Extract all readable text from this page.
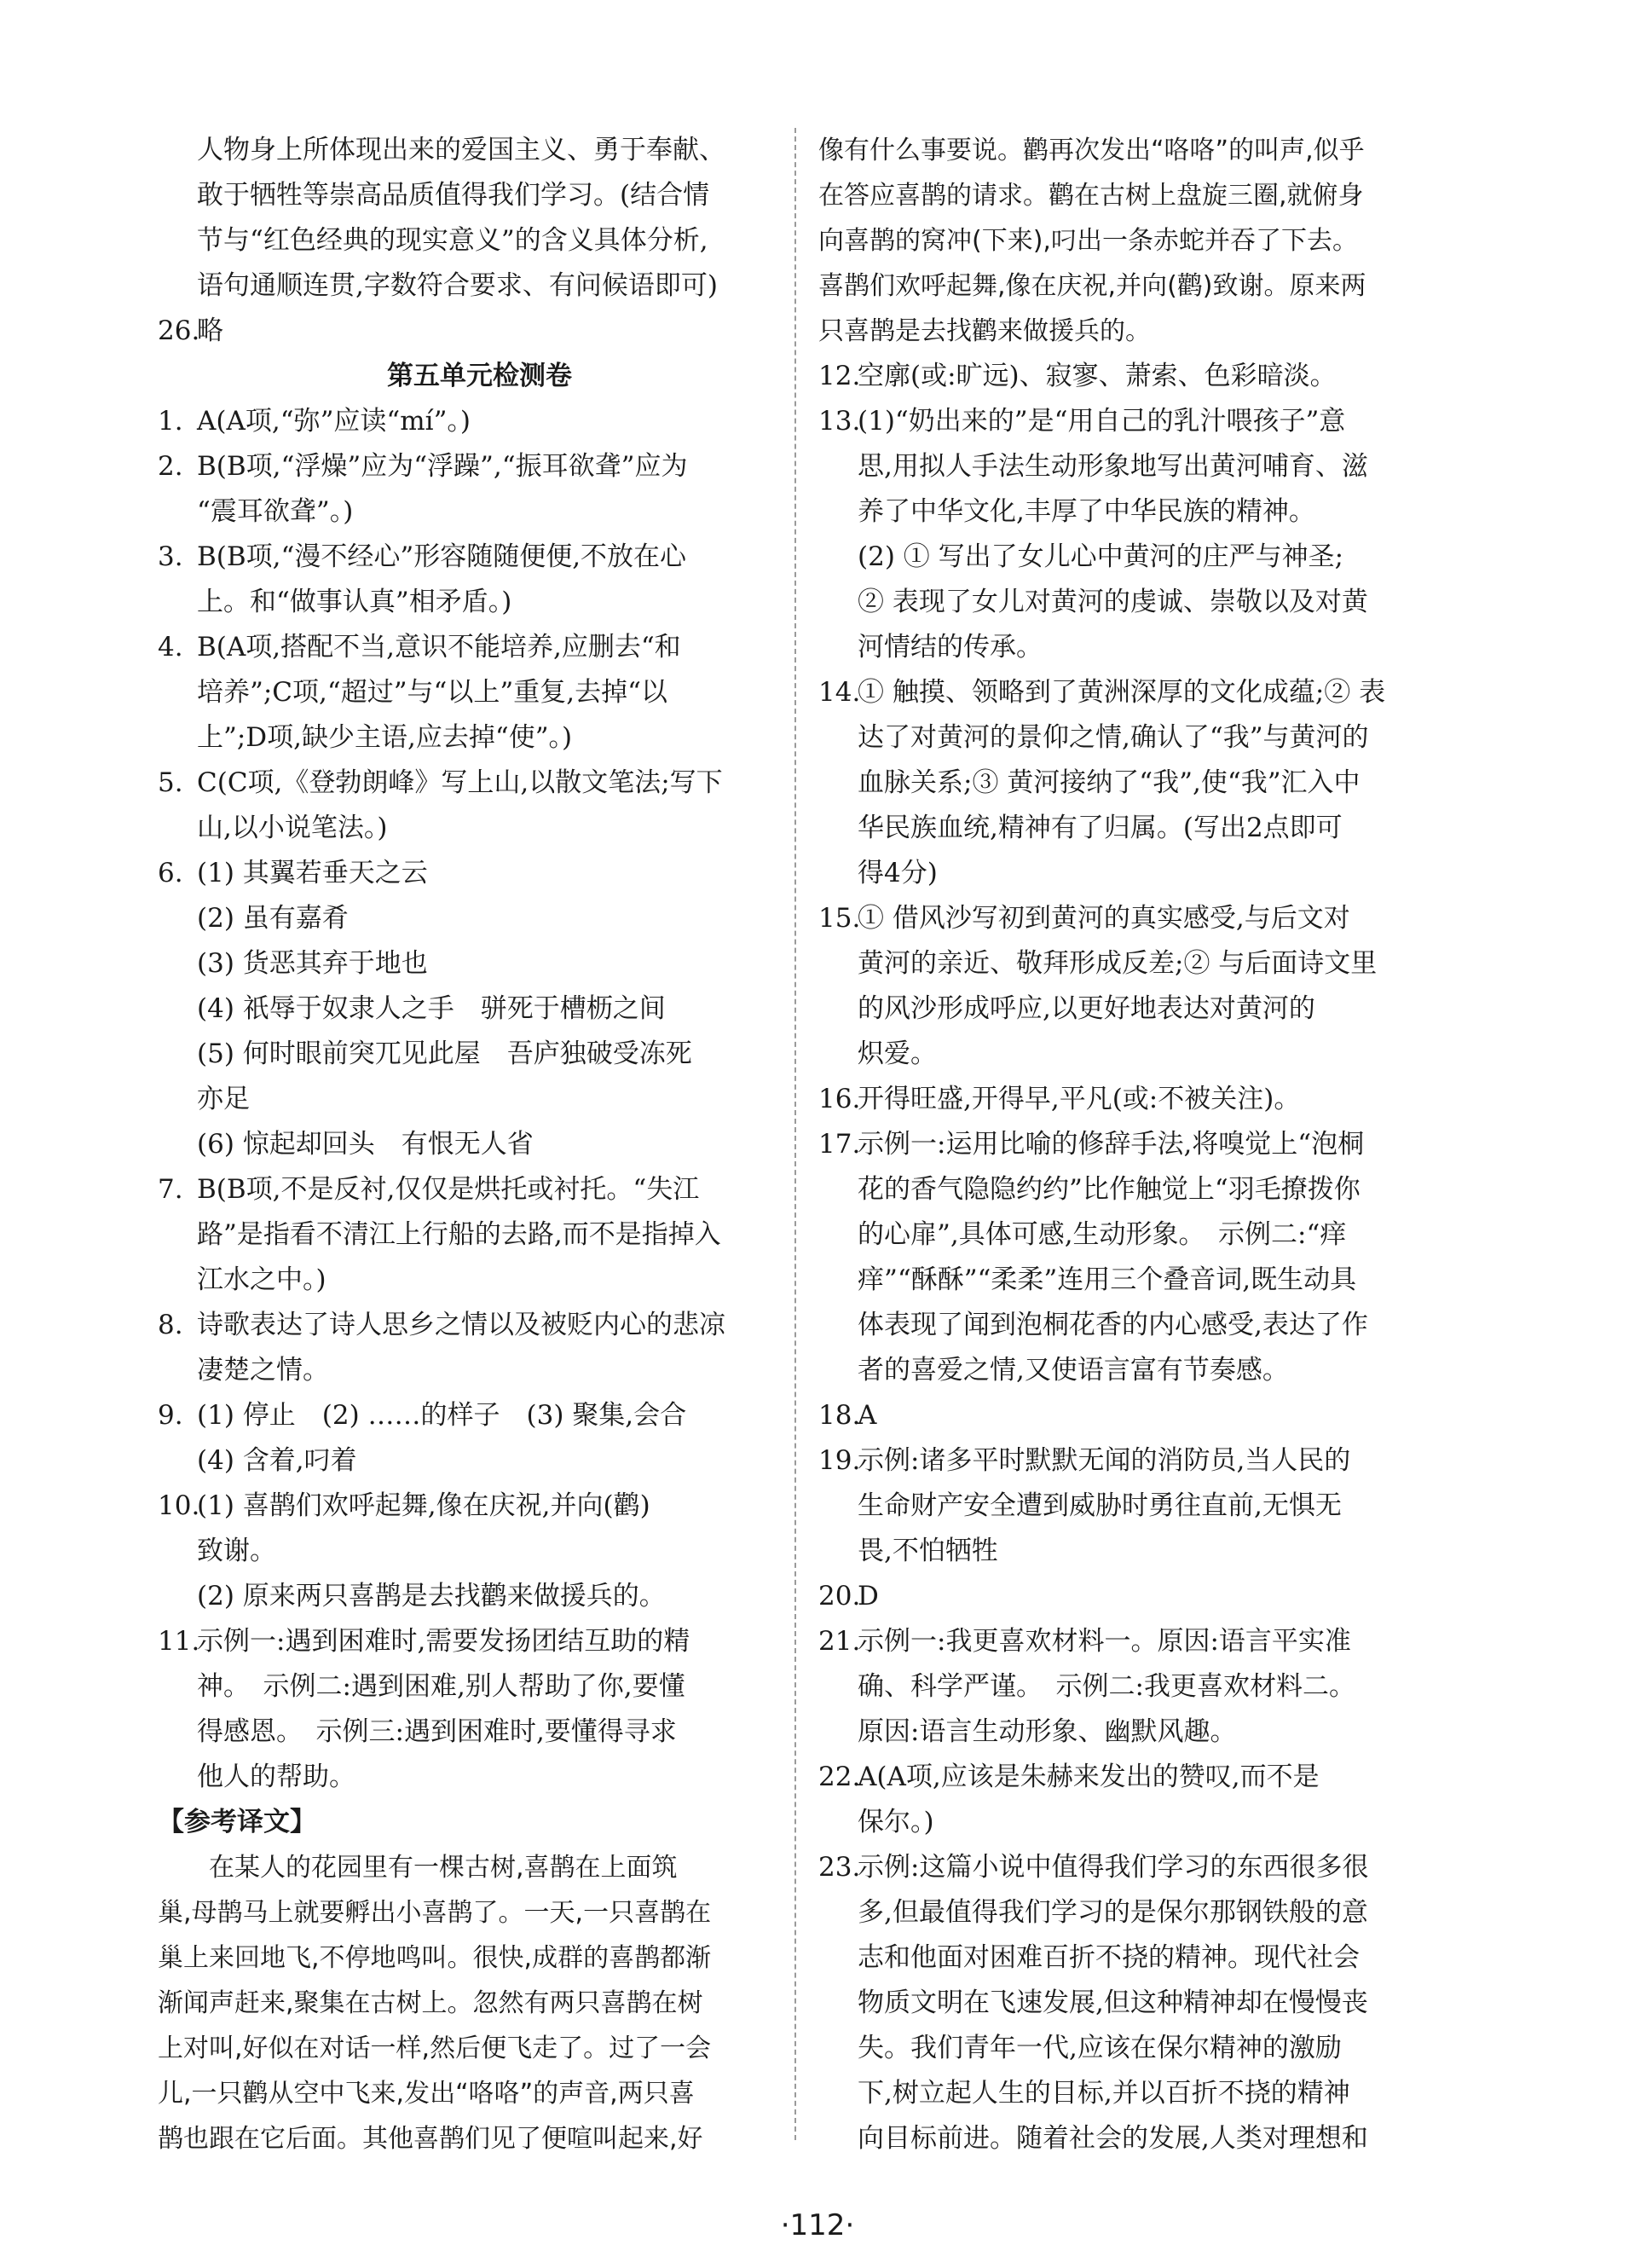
人物身上所体现出来的爱国主义、勇于奉献、
敢于牺牲等崇高品质值得我们学习。(结合情
节与“红色经典的现实意义”的含义具体分析,
语句通顺连贯,字数符合要求、有问候语即可)
26.略
第五单元检测卷
1. A(A项,“弥”应读“mí”。)
2. B(B项,“浮燥”应为“浮躁”,“振耳欲聋”应为
“震耳欲聋”。)
3. B(B项,“漫不经心”形容随随便便,不放在心
上。和“做事认真”相矛盾。)
4. B(A项,搭配不当,意识不能培养,应删去“和
培养”;C项,“超过”与“以上”重复,去掉“以
上”;D项,缺少主语,应去掉“使”。)
5. C(C项,《登勃朗峰》写上山,以散文笔法;写下
山,以小说笔法。)
6. (1) 其翼若垂天之云
(2) 虽有嘉肴
(3) 货恶其弃于地也
(4) 祇辱于奴隶人之手　骈死于槽枥之间
(5) 何时眼前突兀见此屋　吾庐独破受冻死
亦足
(6) 惊起却回头　有恨无人省
7. B(B项,不是反衬,仅仅是烘托或衬托。“失江
路”是指看不清江上行船的去路,而不是指掉入
江水之中。)
8. 诗歌表达了诗人思乡之情以及被贬内心的悲凉
凄楚之情。
9. (1) 停止　(2) ……的样子　(3) 聚集,会合
(4) 含着,叼着
10.(1) 喜鹊们欢呼起舞,像在庆祝,并向(鹳)
致谢。
(2) 原来两只喜鹊是去找鹳来做援兵的。
11.示例一:遇到困难时,需要发扬团结互助的精
神。　示例二:遇到困难,别人帮助了你,要懂
得感恩。　示例三:遇到困难时,要懂得寻求
他人的帮助。
【参考译文】
在某人的花园里有一棵古树,喜鹊在上面筑
巢,母鹊马上就要孵出小喜鹊了。一天,一只喜鹊在
巢上来回地飞,不停地鸣叫。很快,成群的喜鹊都渐
渐闻声赶来,聚集在古树上。忽然有两只喜鹊在树
上对叫,好似在对话一样,然后便飞走了。过了一会
儿,一只鹳从空中飞来,发出“咯咯”的声音,两只喜
鹊也跟在它后面。其他喜鹊们见了便喧叫起来,好
像有什么事要说。鹳再次发出“咯咯”的叫声,似乎
在答应喜鹊的请求。鹳在古树上盘旋三圈,就俯身
向喜鹊的窝冲(下来),叼出一条赤蛇并吞了下去。
喜鹊们欢呼起舞,像在庆祝,并向(鹳)致谢。原来两
只喜鹊是去找鹳来做援兵的。
12.空廓(或:旷远)、寂寥、萧索、色彩暗淡。
13.(1)“奶出来的”是“用自己的乳汁喂孩子”意
思,用拟人手法生动形象地写出黄河哺育、滋
养了中华文化,丰厚了中华民族的精神。
(2) ① 写出了女儿心中黄河的庄严与神圣;
② 表现了女儿对黄河的虔诚、崇敬以及对黄
河情结的传承。
14.① 触摸、领略到了黄洲深厚的文化成蕴;② 表
达了对黄河的景仰之情,确认了“我”与黄河的
血脉关系;③ 黄河接纳了“我”,使“我”汇入中
华民族血统,精神有了归属。(写出2点即可
得4分)
15.① 借风沙写初到黄河的真实感受,与后文对
黄河的亲近、敬拜形成反差;② 与后面诗文里
的风沙形成呼应,以更好地表达对黄河的
炽爱。
16.开得旺盛,开得早,平凡(或:不被关注)。
17.示例一:运用比喻的修辞手法,将嗅觉上“泡桐
花的香气隐隐约约”比作触觉上“羽毛撩拨你
的心扉”,具体可感,生动形象。　示例二:“痒
痒”“酥酥”“柔柔”连用三个叠音词,既生动具
体表现了闻到泡桐花香的内心感受,表达了作
者的喜爱之情,又使语言富有节奏感。
18.A
19.示例:诸多平时默默无闻的消防员,当人民的
生命财产安全遭到威胁时勇往直前,无惧无
畏,不怕牺牲
20.D
21.示例一:我更喜欢材料一。原因:语言平实准
确、科学严谨。　示例二:我更喜欢材料二。
原因:语言生动形象、幽默风趣。
22.A(A项,应该是朱赫来发出的赞叹,而不是
保尔。)
23.示例:这篇小说中值得我们学习的东西很多很
多,但最值得我们学习的是保尔那钢铁般的意
志和他面对困难百折不挠的精神。现代社会
物质文明在飞速发展,但这种精神却在慢慢丧
失。我们青年一代,应该在保尔精神的激励
下,树立起人生的目标,并以百折不挠的精神
向目标前进。随着社会的发展,人类对理想和
·112·
